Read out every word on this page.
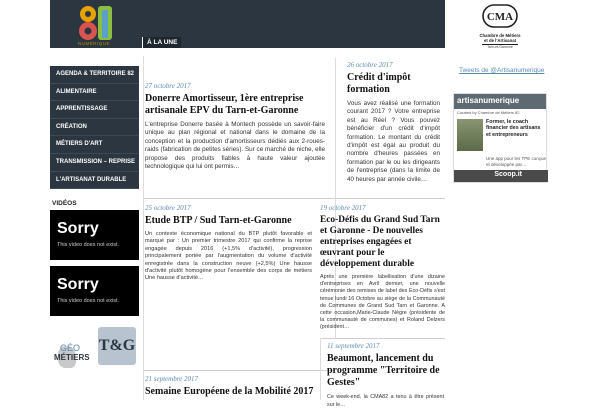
NUMÉRIQUE	À LA UNE
CMA
Chambre de Métiers
et de l'Artisanat
Tarn-et-Garonne
AGENDA & TERRITOIRE 82
ALIMENTAIRE
APPRENTISSAGE
CRÉATION
MÉTIERS D'ART
TRANSMISSION – REPRISE
L'ARTISANAT DURABLE
VIDÉOS
Sorry
This video does not exist.
Sorry
This video does not exist.
GÉO
MÉTIERS
T&G
27 octobre 2017
Donerre Amortisseur, 1ère entreprise artisanale EPV du Tarn-et-Garonne
L'entreprise Donerre basée à Montech possède un savoir-faire unique au plan régional et national dans le domaine de la conception et la production d'amortisseurs dédiés aux 2-roues-raids (fabrication de petites séries). Sur ce marché de niche, elle propose des produits fiables à haute valeur ajoutée technologique qui lui ont permis…
26 octobre 2017
Crédit d'impôt formation
Vous avez réalisé une formation courant 2017 ? Votre entreprise est au Réel ? Vous pouvez bénéficier d'un crédit d'impôt formation. Le montant du crédit d'impôt est égal au produit du nombre d'heures passées en formation par le ou les dirigeants de l'entreprise (dans la limite de 40 heures par année civile…
25 octobre 2017
Etude BTP / Sud Tarn-et-Garonne
Un contexte économique national du BTP plutôt favorable et marqué par : Un premier trimestre 2017 qui confirme la reprise engagée depuis 2016 (+1,5% d'activité), progression principalement portée par l'augmentation du volume d'activité enregistrée dans la construction neuve (+2,5%) Une hausse d'activité plutôt homogène pour l'ensemble des corps de métiers Une hausse d'activité…
19 octobre 2017
Eco-Défis du Grand Sud Tarn et Garonne - De nouvelles entreprises engagées et œuvrant pour le développement durable
Après une première labellisation d'une dizaine d'entreprises en Avril dernier, une nouvelle cérémonie des remises de label des Eco-Défis s'est tenue lundi 16 Octobre au siège de la Communauté de Communes de Grand Sud Tarn et Garonne. A cette occasion,Marie-Claude Nègre (présidente de la communauté de communes) et Roland Delzers (président…
21 septembre 2017
Semaine Européene de la Mobilité 2017
11 septembre 2017
Beaumont, lancement du programme "Territoire de Gestes"
Ce week-end, la CMA82 a tenu à être présent sur le…
Tweets de @Artisanumerique
artisanumerique
Curated by Chambre de Métiers 82
Former, le coach financier des artisans et entrepreneurs
Une app pour les TPE conçue et développée par…
Scoop.it
